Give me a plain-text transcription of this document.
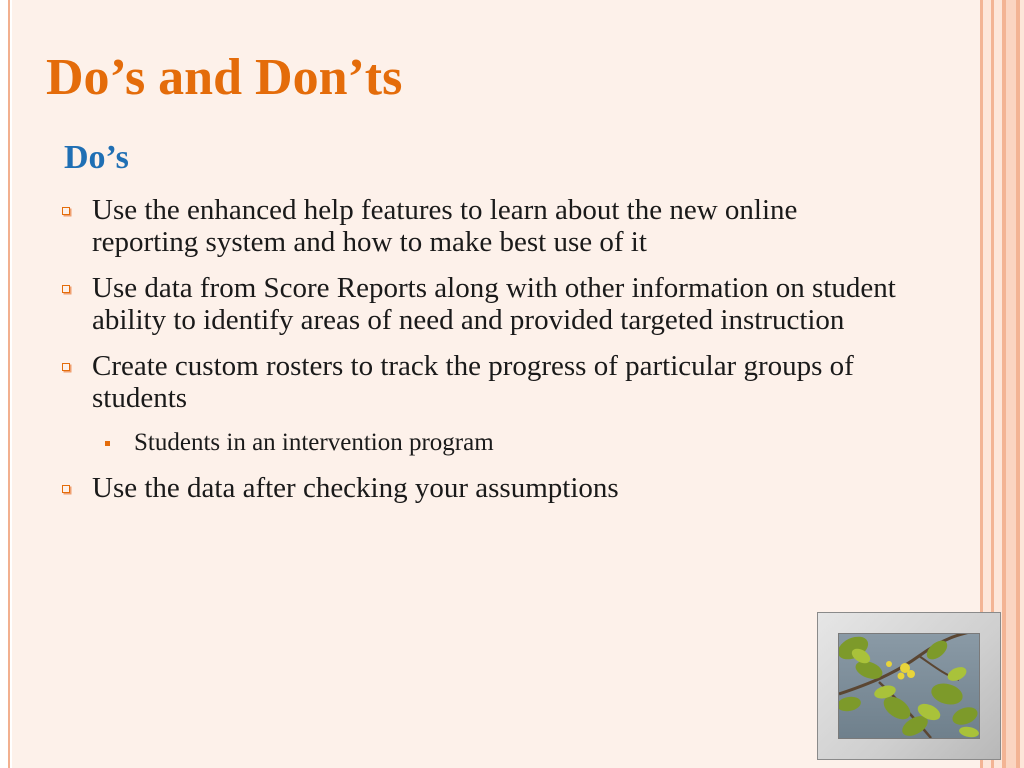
Do’s and Don’ts
Do’s
Use the enhanced help features to learn about the new online reporting system and how to make best use of it
Use data from Score Reports along with other information on student ability to identify areas of need and provided targeted instruction
Create custom rosters to track the progress of particular groups of students
Students in an intervention program
Use the data after checking your assumptions
